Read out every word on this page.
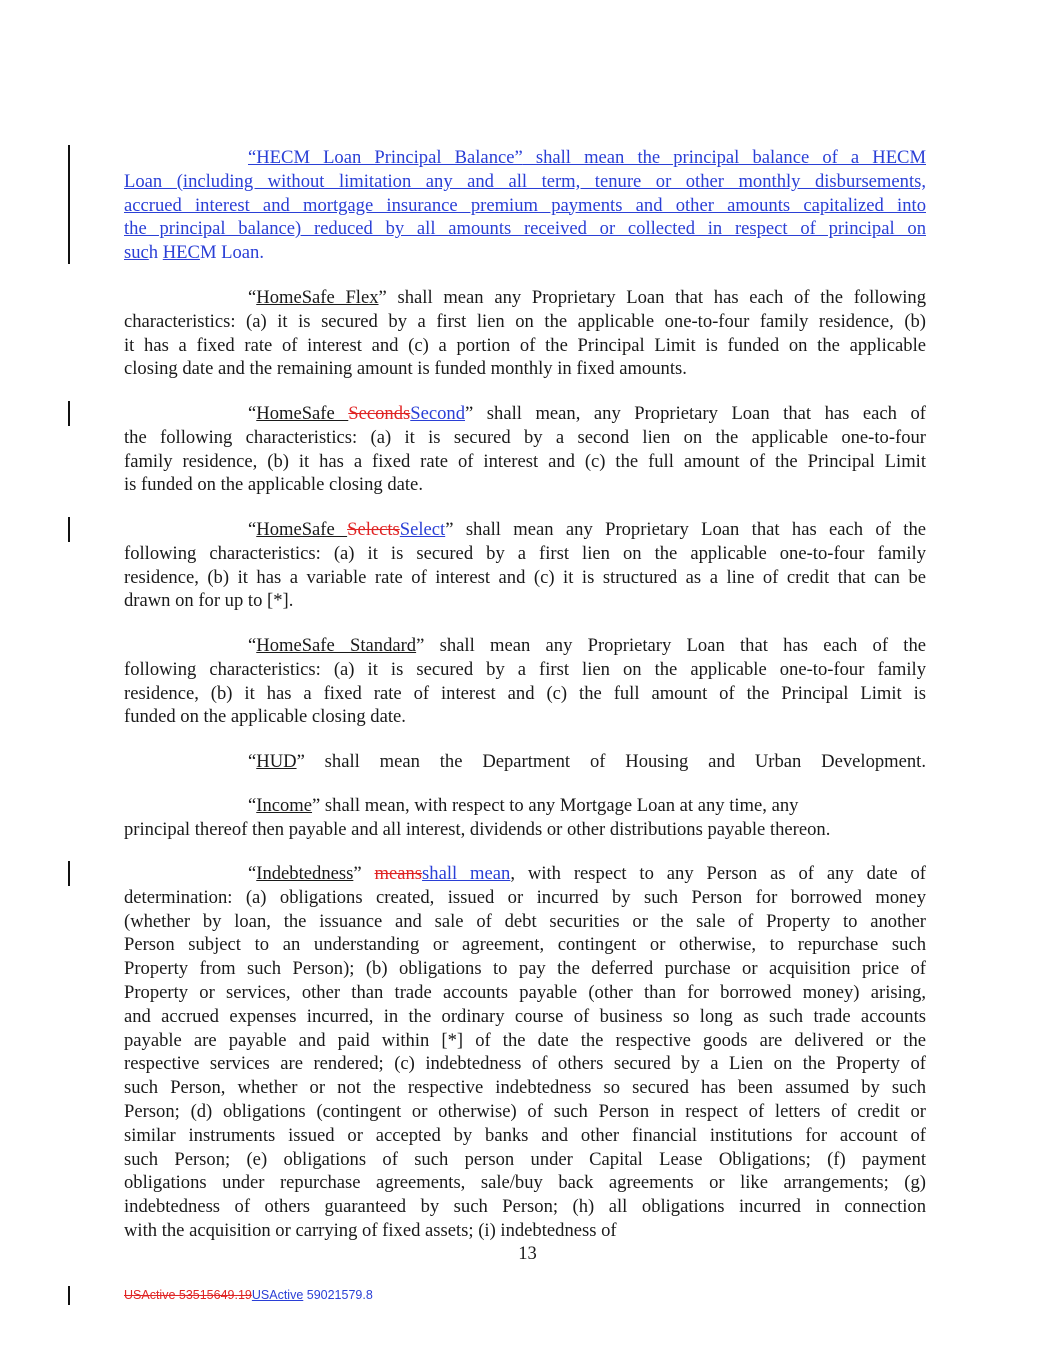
“HECM Loan Principal Balance” shall mean the principal balance of a HECM
Loan (including without limitation any and all term, tenure or other monthly disbursements,
accrued interest and mortgage insurance premium payments and other amounts capitalized into
the principal balance) reduced by all amounts received or collected in respect of principal on
such HECM Loan.
“HomeSafe Flex” shall mean any Proprietary Loan that has each of the following
characteristics: (a) it is secured by a first lien on the applicable one-to-four family residence, (b)
it has a fixed rate of interest and (c) a portion of the Principal Limit is funded on the applicable
closing date and the remaining amount is funded monthly in fixed amounts.
“HomeSafe SecondsSecond” shall mean, any Proprietary Loan that has each of
the following characteristics: (a) it is secured by a second lien on the applicable one-to-four
family residence, (b) it has a fixed rate of interest and (c) the full amount of the Principal Limit
is funded on the applicable closing date.
“HomeSafe SelectsSelect” shall mean any Proprietary Loan that has each of the
following characteristics: (a) it is secured by a first lien on the applicable one-to-four family
residence, (b) it has a variable rate of interest and (c) it is structured as a line of credit that can be
drawn on for up to [*].
“HomeSafe Standard” shall mean any Proprietary Loan that has each of the
following characteristics: (a) it is secured by a first lien on the applicable one-to-four family
residence, (b) it has a fixed rate of interest and (c) the full amount of the Principal Limit is
funded on the applicable closing date.
“HUD” shall mean the Department of Housing and Urban Development.
“Income” shall mean, with respect to any Mortgage Loan at any time, any
principal thereof then payable and all interest, dividends or other distributions payable thereon.
“Indebtedness” meansshall mean, with respect to any Person as of any date of
determination: (a) obligations created, issued or incurred by such Person for borrowed money
(whether by loan, the issuance and sale of debt securities or the sale of Property to another
Person subject to an understanding or agreement, contingent or otherwise, to repurchase such
Property from such Person); (b) obligations to pay the deferred purchase or acquisition price of
Property or services, other than trade accounts payable (other than for borrowed money) arising,
and accrued expenses incurred, in the ordinary course of business so long as such trade accounts
payable are payable and paid within [*] of the date the respective goods are delivered or the
respective services are rendered; (c) indebtedness of others secured by a Lien on the Property of
such Person, whether or not the respective indebtedness so secured has been assumed by such
Person; (d) obligations (contingent or otherwise) of such Person in respect of letters of credit or
similar instruments issued or accepted by banks and other financial institutions for account of
such Person; (e) obligations of such person under Capital Lease Obligations; (f) payment
obligations under repurchase agreements, sale/buy back agreements or like arrangements; (g)
indebtedness of others guaranteed by such Person; (h) all obligations incurred in connection
with the acquisition or carrying of fixed assets; (i) indebtedness of
13
USActive 53515649.19USActive 59021579.8
